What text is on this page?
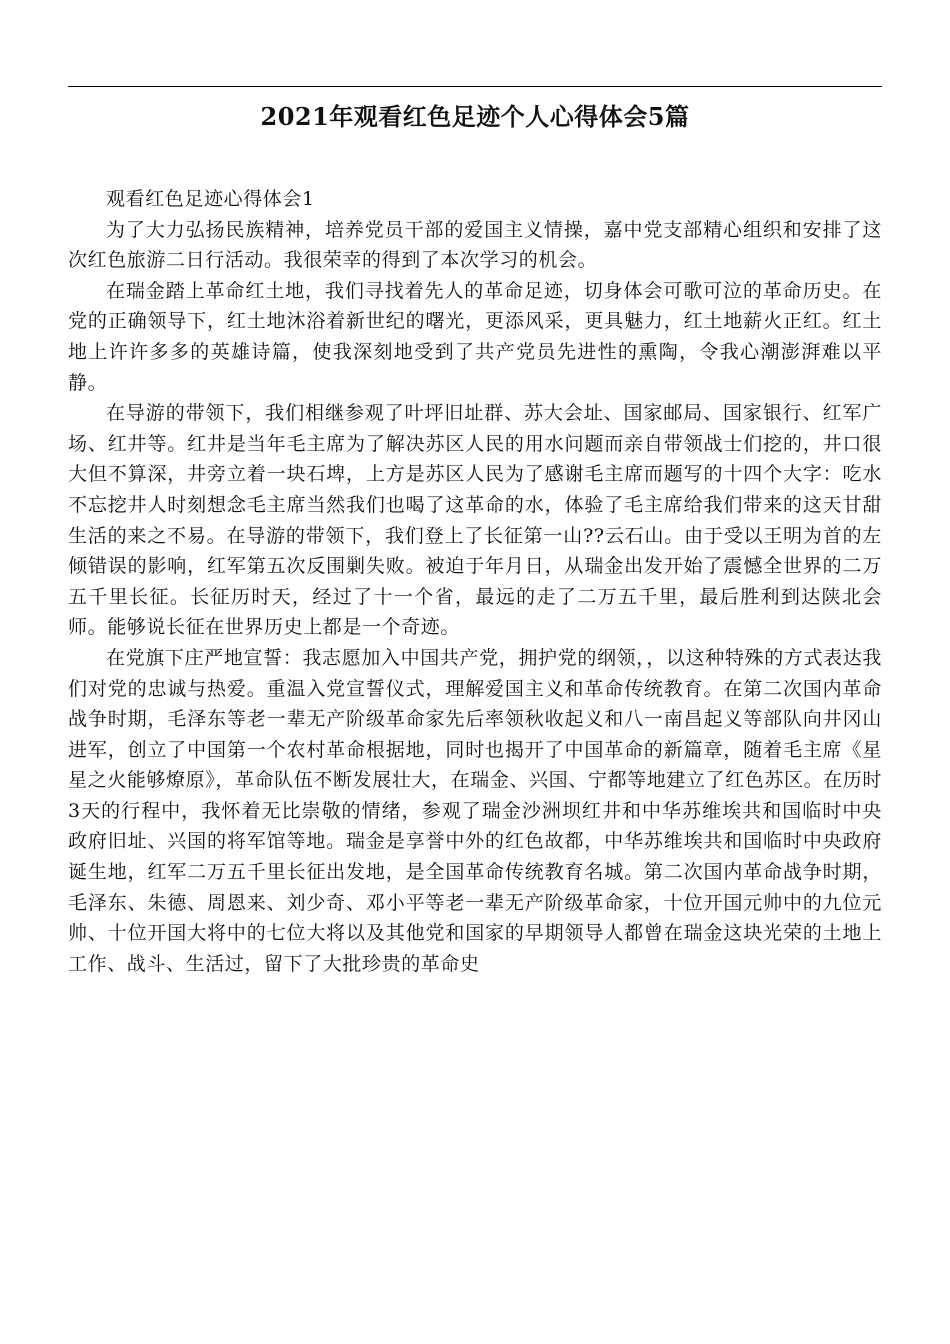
2021年观看红色足迹个人心得体会5篇

观看红色足迹心得体会1

为了大力弘扬民族精神，培养党员干部的爱国主义情操，嘉中党支部精心组织和安排了这次红色旅游二日行活动。我很荣幸的得到了本次学习的机会。

在瑞金踏上革命红土地，我们寻找着先人的革命足迹，切身体会可歌可泣的革命历史。在党的正确领导下，红土地沐浴着新世纪的曙光，更添风采，更具魅力，红土地薪火正红。红土地上许许多多的英雄诗篇，使我深刻地受到了共产党员先进性的熏陶，令我心潮澎湃难以平静。

在导游的带领下，我们相继参观了叶坪旧址群、苏大会址、国家邮局、国家银行、红军广场、红井等。红井是当年毛主席为了解决苏区人民的用水问题而亲自带领战士们挖的，井口很大但不算深，井旁立着一块石埤，上方是苏区人民为了感谢毛主席而题写的十四个大字：吃水不忘挖井人时刻想念毛主席当然我们也喝了这革命的水，体验了毛主席给我们带来的这天甘甜生活的来之不易。在导游的带领下，我们登上了长征第一山??云石山。由于受以王明为首的左倾错误的影响，红军第五次反围剿失败。被迫于年月日，从瑞金出发开始了震憾全世界的二万五千里长征。长征历时天，经过了十一个省，最远的走了二万五千里，最后胜利到达陕北会师。能够说长征在世界历史上都是一个奇迹。

在党旗下庄严地宣誓：我志愿加入中国共产党，拥护党的纲领，，以这种特殊的方式表达我们对党的忠诚与热爱。重温入党宣誓仪式，理解爱国主义和革命传统教育。在第二次国内革命战争时期，毛泽东等老一辈无产阶级革命家先后率领秋收起义和八一南昌起义等部队向井冈山进军，创立了中国第一个农村革命根据地，同时也揭开了中国革命的新篇章，随着毛主席《星星之火能够燎原》，革命队伍不断发展壮大，在瑞金、兴国、宁都等地建立了红色苏区。在历时3天的行程中，我怀着无比崇敬的情绪，参观了瑞金沙洲坝红井和中华苏维埃共和国临时中央政府旧址、兴国的将军馆等地。瑞金是享誉中外的红色故都，中华苏维埃共和国临时中央政府诞生地，红军二万五千里长征出发地，是全国革命传统教育名城。第二次国内革命战争时期，毛泽东、朱德、周恩来、刘少奇、邓小平等老一辈无产阶级革命家，十位开国元帅中的九位元帅、十位开国大将中的七位大将以及其他党和国家的早期领导人都曾在瑞金这块光荣的土地上工作、战斗、生活过，留下了大批珍贵的革命史
